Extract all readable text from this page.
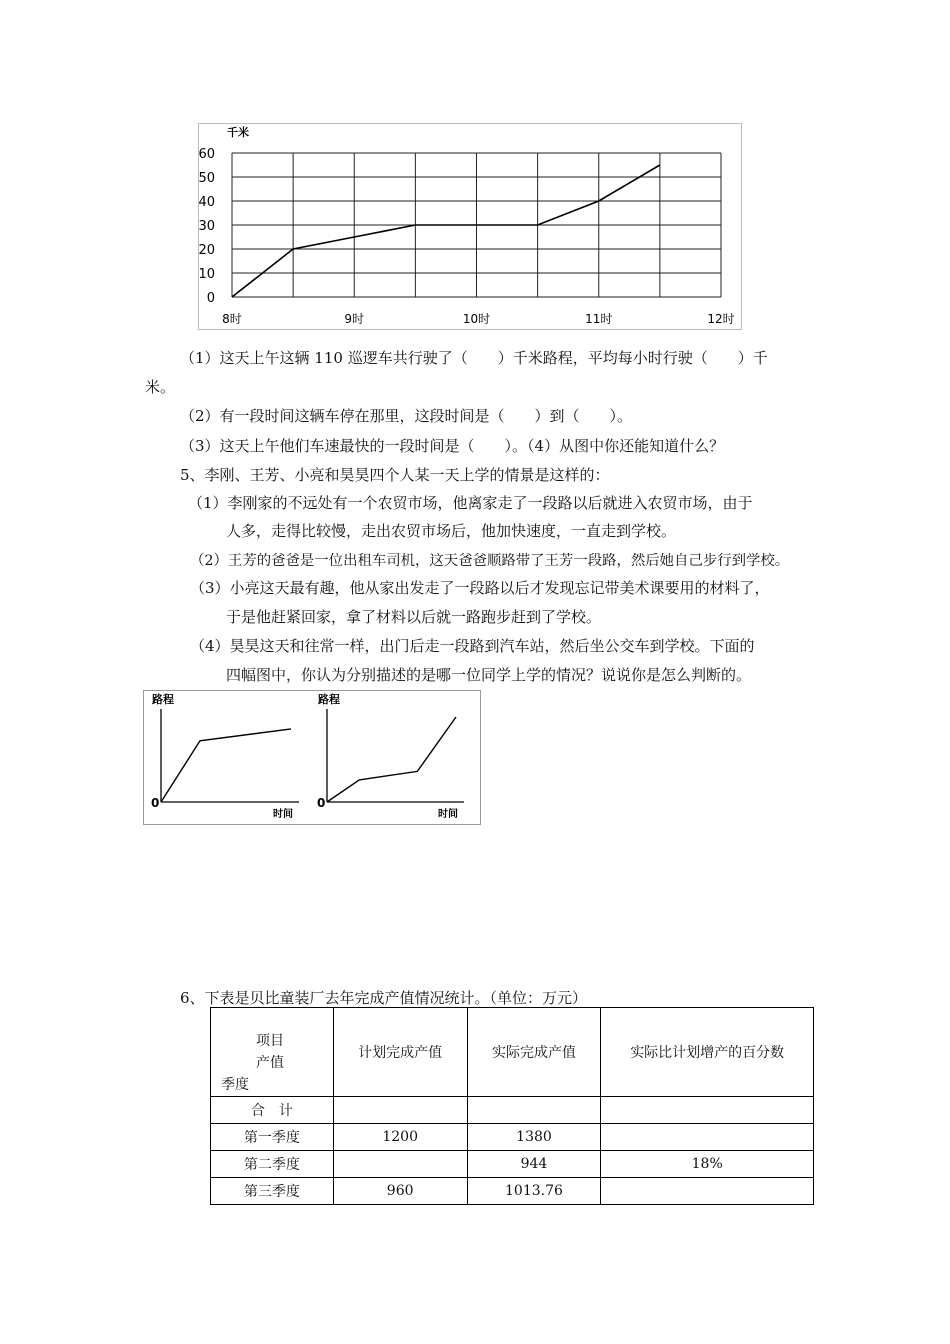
0
10
20
30
40
50
60
千米
8时	9时	10时	11时	12时
（1）这天上午这辆 110 巡逻车共行驶了（　　）千米路程，平均每小时行驶（　　）千
米。
（2）有一段时间这辆车停在那里，这段时间是（　　）到（　　）。
（3）这天上午他们车速最快的一段时间是（　　）。（4）从图中你还能知道什么？
5、李刚、王芳、小亮和昊昊四个人某一天上学的情景是这样的：
（1）李刚家的不远处有一个农贸市场，他离家走了一段路以后就进入农贸市场，由于
人多，走得比较慢，走出农贸市场后，他加快速度，一直走到学校。
（2）王芳的爸爸是一位出租车司机，这天爸爸顺路带了王芳一段路，然后她自己步行到学校。
（3）小亮这天最有趣，他从家出发走了一段路以后才发现忘记带美术课要用的材料了，
于是他赶紧回家，拿了材料以后就一路跑步赶到了学校。
（4）昊昊这天和往常一样，出门后走一段路到汽车站，然后坐公交车到学校。下面的
四幅图中，你认为分别描述的是哪一位同学上学的情况？说说你是怎么判断的。
路程
时间
0
路程
时间
0
6、下表是贝比童装厂去年完成产值情况统计。（单位：万元）
项目
产值
季度	计划完成产值	实际完成产值	实际比计划增产的百分数
合　计			
第一季度	1200	1380	
第二季度		944	18%
第三季度	960	1013.76	
